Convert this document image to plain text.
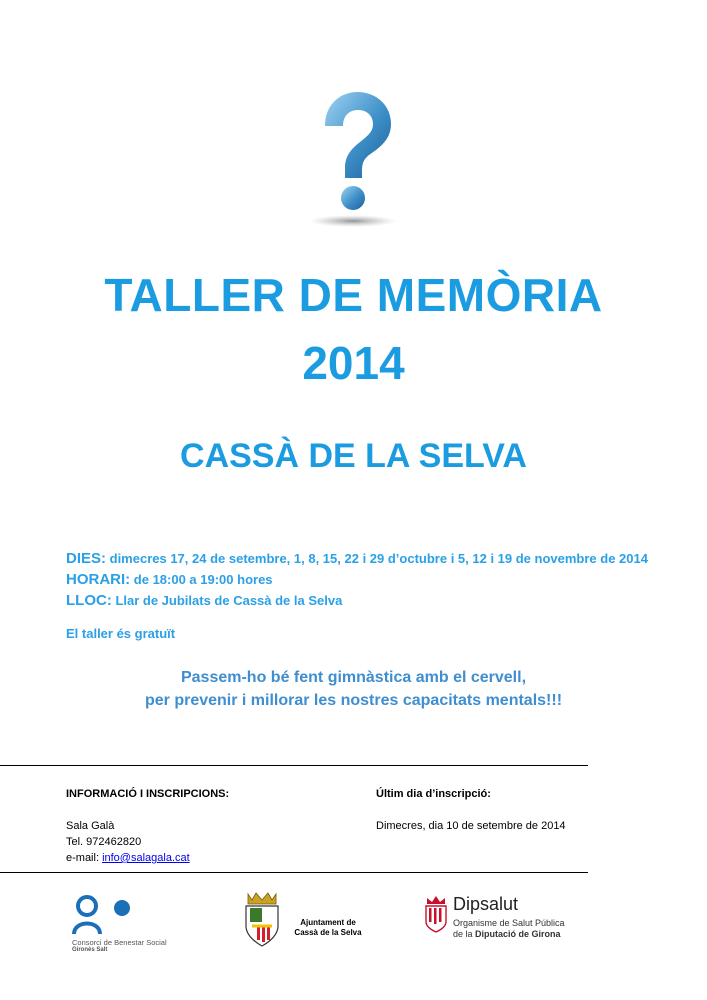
TALLER DE MEMÒRIA
2014
CASSÀ DE LA SELVA
DIES: dimecres 17, 24 de setembre, 1, 8, 15, 22 i 29 d’octubre i 5, 12 i 19 de novembre de 2014
HORARI: de 18:00 a 19:00 hores
LLOC: Llar de Jubilats de Cassà de la Selva
El taller és gratuït
Passem-ho bé fent gimnàstica amb el cervell,
per prevenir i millorar les nostres capacitats mentals!!!
INFORMACIÓ I INSCRIPCIONS:
Sala Galà
Tel. 972462820
e-mail: info@salagala.cat
Últim dia d’inscripció:
Dimecres, dia 10 de setembre de 2014
Consorci de Benestar Social
Gironès Salt
Ajuntament de
Cassà de la Selva
Dipsalut
Organisme de Salut Pública
de la Diputació de Girona
